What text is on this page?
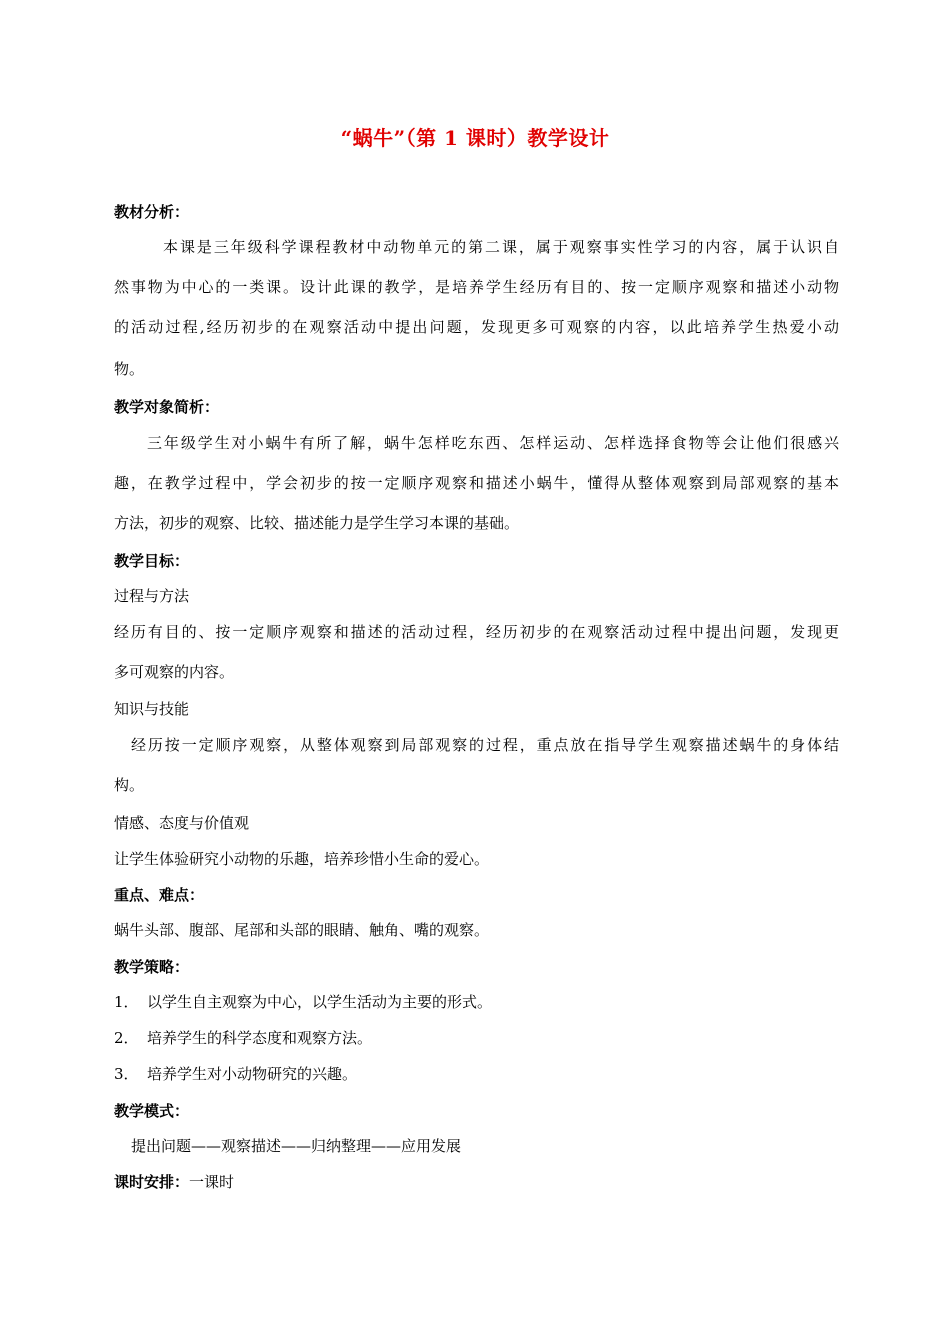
“蜗牛”（第 1 课时）教学设计
教材分析：
本课是三年级科学课程教材中动物单元的第二课，属于观察事实性学习的内容，属于认识自
然事物为中心的一类课。设计此课的教学，是培养学生经历有目的、按一定顺序观察和描述小动物
的活动过程,经历初步的在观察活动中提出问题，发现更多可观察的内容，以此培养学生热爱小动
物。
教学对象简析：
三年级学生对小蜗牛有所了解，蜗牛怎样吃东西、怎样运动、怎样选择食物等会让他们很感兴
趣，在教学过程中，学会初步的按一定顺序观察和描述小蜗牛，懂得从整体观察到局部观察的基本
方法，初步的观察、比较、描述能力是学生学习本课的基础。
教学目标：
过程与方法
经历有目的、按一定顺序观察和描述的活动过程，经历初步的在观察活动过程中提出问题，发现更
多可观察的内容。
知识与技能
经历按一定顺序观察，从整体观察到局部观察的过程，重点放在指导学生观察描述蜗牛的身体结
构。
情感、态度与价值观
让学生体验研究小动物的乐趣，培养珍惜小生命的爱心。
重点、难点：
蜗牛头部、腹部、尾部和头部的眼睛、触角、嘴的观察。
教学策略：
1． 以学生自主观察为中心，以学生活动为主要的形式。
2． 培养学生的科学态度和观察方法。
3． 培养学生对小动物研究的兴趣。
教学模式：
提出问题——观察描述——归纳整理——应用发展
课时安排：一课时
